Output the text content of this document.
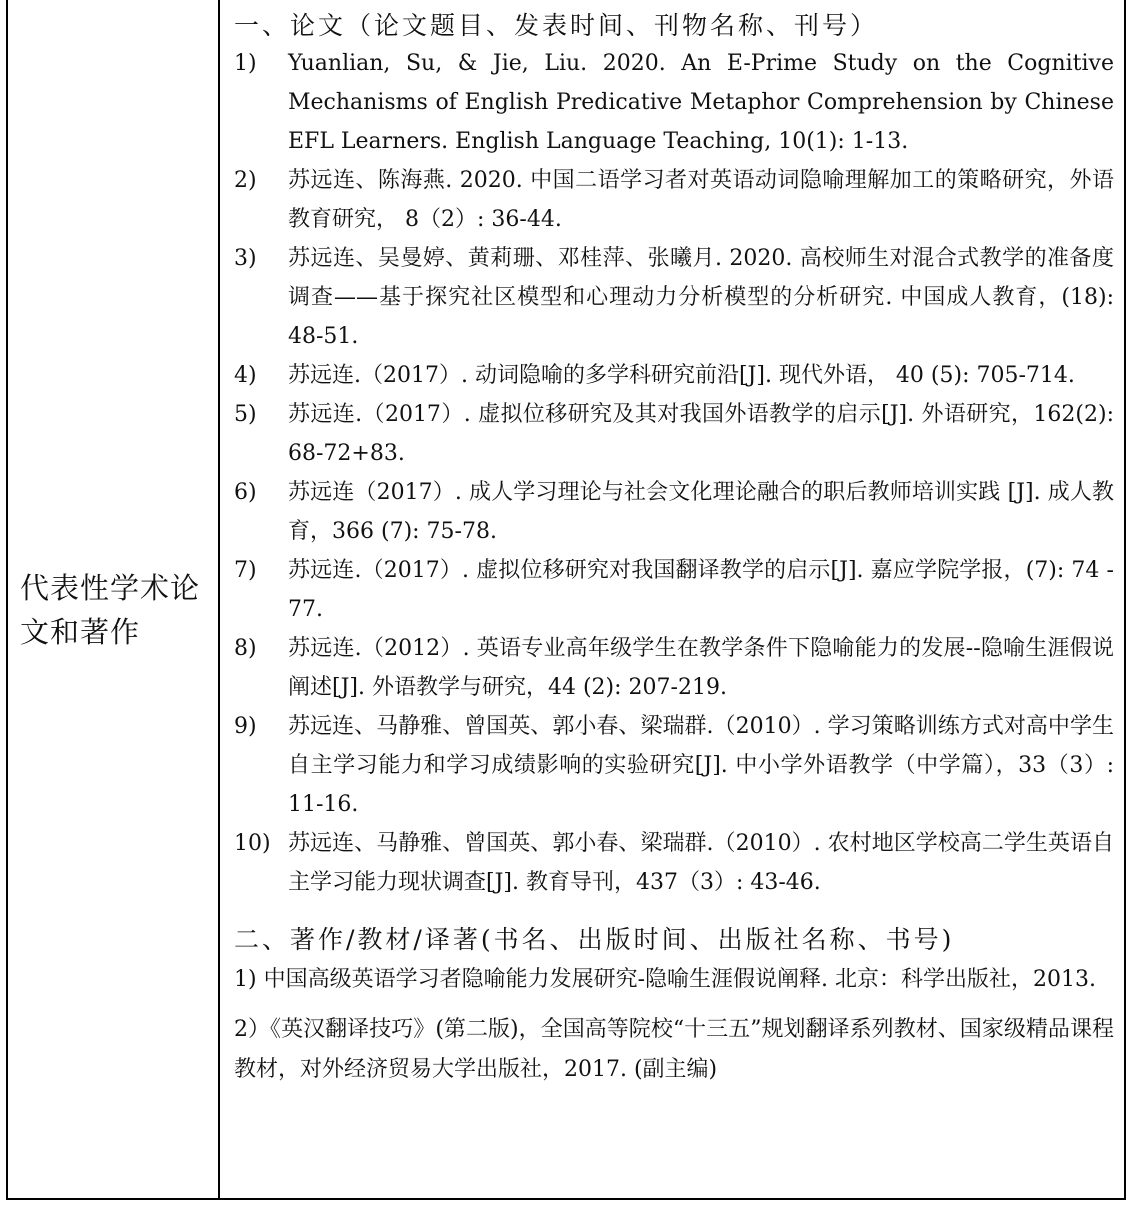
代表性学术论文和著作
一、论文（论文题目、发表时间、刊物名称、刊号）
1)	Yuanlian, Su, & Jie, Liu. 2020. An E-Prime Study on the Cognitive Mechanisms of English Predicative Metaphor Comprehension by Chinese EFL Learners. English Language Teaching, 10(1): 1-13.
2)	苏远连、陈海燕. 2020. 中国二语学习者对英语动词隐喻理解加工的策略研究，外语教育研究， 8（2）: 36-44.
3)	苏远连、吴曼婷、黄莉珊、邓桂萍、张曦月. 2020. 高校师生对混合式教学的准备度调查——基于探究社区模型和心理动力分析模型的分析研究. 中国成人教育，(18): 48-51.
4)	苏远连.（2017）. 动词隐喻的多学科研究前沿[J]. 现代外语， 40 (5): 705-714.
5)	苏远连.（2017）. 虚拟位移研究及其对我国外语教学的启示[J]. 外语研究，162(2): 68-72+83.
6)	苏远连（2017）. 成人学习理论与社会文化理论融合的职后教师培训实践 [J]. 成人教育，366 (7): 75-78.
7)	苏远连.（2017）. 虚拟位移研究对我国翻译教学的启示[J]. 嘉应学院学报，(7): 74 - 77.
8)	苏远连.（2012）. 英语专业高年级学生在教学条件下隐喻能力的发展--隐喻生涯假说阐述[J]. 外语教学与研究，44 (2): 207-219.
9)	苏远连、马静雅、曾国英、郭小春、梁瑞群.（2010）. 学习策略训练方式对高中学生自主学习能力和学习成绩影响的实验研究[J]. 中小学外语教学（中学篇），33（3）: 11-16.
10) 苏远连、马静雅、曾国英、郭小春、梁瑞群.（2010）. 农村地区学校高二学生英语自主学习能力现状调查[J]. 教育导刊，437（3）: 43-46.
二、著作/教材/译著(书名、出版时间、出版社名称、书号)
1) 中国高级英语学习者隐喻能力发展研究-隐喻生涯假说阐释. 北京：科学出版社，2013.
2）《英汉翻译技巧》(第二版)，全国高等院校“十三五”规划翻译系列教材、国家级精品课程教材，对外经济贸易大学出版社，2017. (副主编)
